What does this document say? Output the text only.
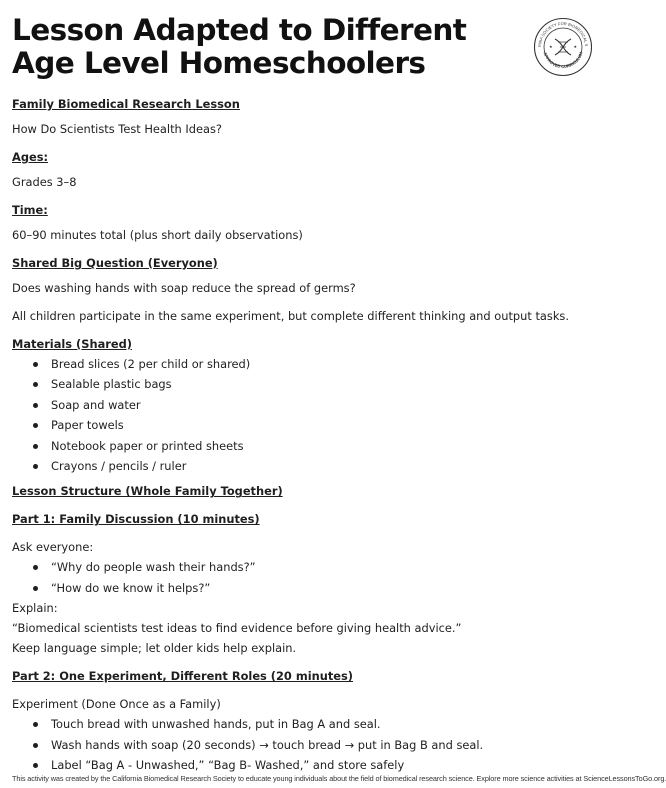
Lesson Adapted to Different Age Level Homeschoolers
RNIA SOCIETY FOR BIOMEDICAL S
APPROVED CURRICULUM
★	★

Family Biomedical Research Lesson

How Do Scientists Test Health Ideas?

Ages:

Grades 3–8

Time:

60–90 minutes total (plus short daily observations)

Shared Big Question (Everyone)

Does washing hands with soap reduce the spread of germs?

All children participate in the same experiment, but complete different thinking and output tasks.

Materials (Shared)

Bread slices (2 per child or shared)
Sealable plastic bags
Soap and water
Paper towels
Notebook paper or printed sheets
Crayons / pencils / ruler

Lesson Structure (Whole Family Together)

Part 1: Family Discussion (10 minutes)

Ask everyone:

“Why do people wash their hands?”
“How do we know it helps?”

Explain:

“Biomedical scientists test ideas to find evidence before giving health advice.”

Keep language simple; let older kids help explain.

Part 2: One Experiment, Different Roles (20 minutes)

Experiment (Done Once as a Family)

Touch bread with unwashed hands, put in Bag A and seal.
Wash hands with soap (20 seconds) → touch bread → put in Bag B and seal.
Label “Bag A - Unwashed,” “Bag B- Washed,” and store safely
This activity was created by the California Biomedical Research Society to educate young individuals about the field of biomedical research science. Explore more science activities at ScienceLessonsToGo.org.
